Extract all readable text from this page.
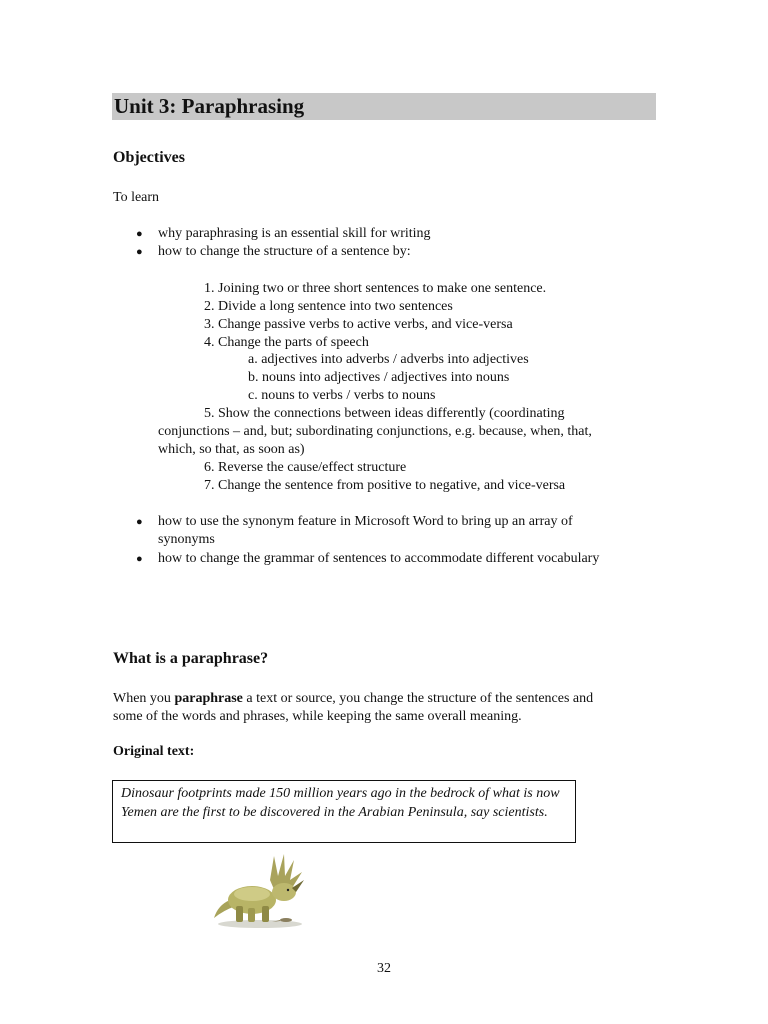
Unit 3: Paraphrasing
Objectives

To learn

● why paraphrasing is an essential skill for writing

● how to change the structure of a sentence by:

1. Joining two or three short sentences to make one sentence.

2. Divide a long sentence into two sentences

3. Change passive verbs to active verbs, and vice-versa

4. Change the parts of speech

a. adjectives into adverbs / adverbs into adjectives

b. nouns into adjectives / adjectives into nouns

c. nouns to verbs / verbs to nouns

5. Show the connections between ideas differently (coordinating

conjunctions – and, but; subordinating conjunctions, e.g. because, when, that,

which, so that, as soon as)

6. Reverse the cause/effect structure

7. Change the sentence from positive to negative, and vice-versa

● how to use the synonym feature in Microsoft Word to bring up an array of

synonyms

● how to change the grammar of sentences to accommodate different vocabulary

What is a paraphrase?

When you paraphrase a text or source, you change the structure of the sentences and

some of the words and phrases, while keeping the same overall meaning.

Original text:

Dinosaur footprints made 150 million years ago in the bedrock of what is now Yemen are the first to be discovered in the Arabian Peninsula, say scientists.
32
